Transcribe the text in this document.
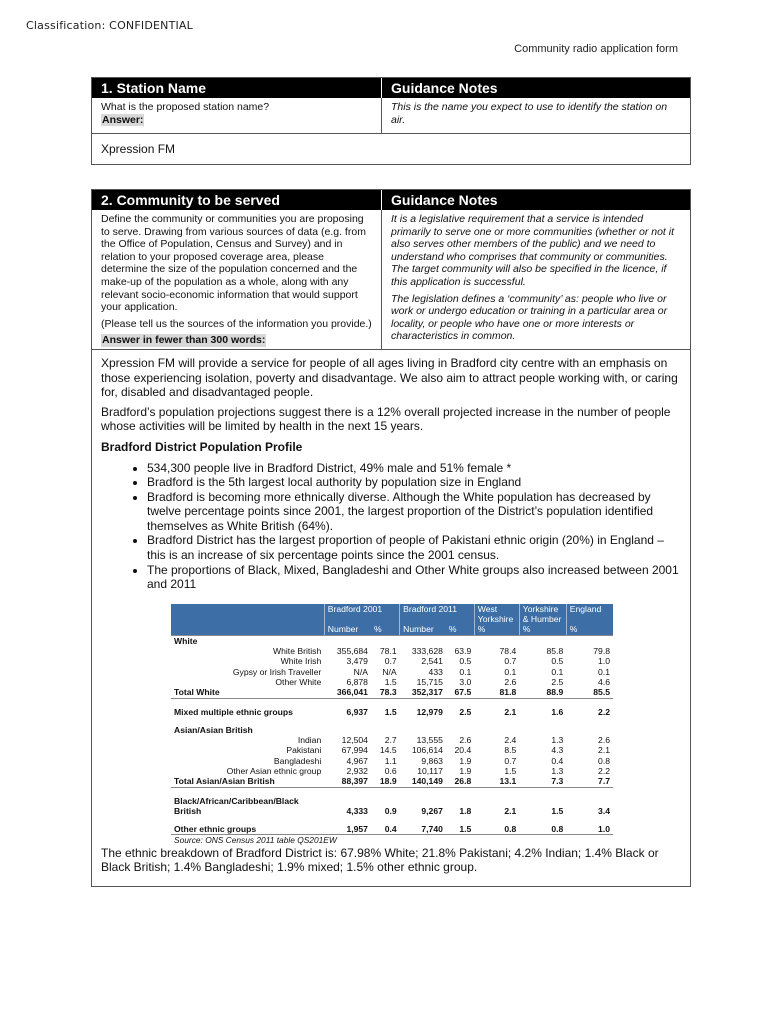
Classification: CONFIDENTIAL
Community radio application form
1. Station Name	Guidance Notes
What is the proposed station name?
Answer:
This is the name you expect to use to identify the station on air.
Xpression FM
2. Community to be served	Guidance Notes

Define the community or communities you are proposing to serve. Drawing from various sources of data (e.g. from the Office of Population, Census and Survey) and in relation to your proposed coverage area, please determine the size of the population concerned and the make-up of the population as a whole, along with any relevant socio-economic information that would support your application.

(Please tell us the sources of the information you provide.)

Answer in fewer than 300 words:

It is a legislative requirement that a service is intended primarily to serve one or more communities (whether or not it also serves other members of the public) and we need to understand who comprises that community or communities. The target community will also be specified in the licence, if this application is successful.

The legislation defines a ‘community’ as: people who live or work or undergo education or training in a particular area or locality, or people who have one or more interests or characteristics in common.

Xpression FM will provide a service for people of all ages living in Bradford city centre with an emphasis on those experiencing isolation, poverty and disadvantage. We also aim to attract people working with, or caring for, disabled and disadvantaged people.

Bradford’s population projections suggest there is a 12% overall projected increase in the number of people whose activities will be limited by health in the next 15 years.

Bradford District Population Profile
• 534,300 people live in Bradford District, 49% male and 51% female *
• Bradford is the 5th largest local authority by population size in England
• Bradford is becoming more ethnically diverse. Although the White population has decreased by twelve percentage points since 2001, the largest proportion of the District’s population identified themselves as White British (64%).
• Bradford District has the largest proportion of people of Pakistani ethnic origin (20%) in England – this is an increase of six percentage points since the 2001 census.
• The proportions of Black, Mixed, Bangladeshi and Other White groups also increased between 2001 and 2011
	Bradford 2001		Bradford 2011		West Yorkshire	Yorkshire & Humber	England
	Number	%	Number	%	%	%	%
White							
White British	355,684	78.1	333,628	63.9	78.4	85.8	79.8
White Irish	3,479	0.7	2,541	0.5	0.7	0.5	1.0
Gypsy or Irish Traveller	N/A	N/A	433	0.1	0.1	0.1	0.1
Other White	6,878	1.5	15,715	3.0	2.6	2.5	4.6
Total White	366,041	78.3	352,317	67.5	81.8	88.9	85.5

Mixed multiple ethnic groups	6,937	1.5	12,979	2.5	2.1	1.6	2.2

Asian/Asian British							
Indian	12,504	2.7	13,555	2.6	2.4	1.3	2.6
Pakistani	67,994	14.5	106,614	20.4	8.5	4.3	2.1
Bangladeshi	4,967	1.1	9,863	1.9	0.7	0.4	0.8
Other Asian ethnic group	2,932	0.6	10,117	1.9	1.5	1.3	2.2
Total Asian/Asian British	88,397	18.9	140,149	26.8	13.1	7.3	7.7

Black/African/Caribbean/Black							
British	4,333	0.9	9,267	1.8	2.1	1.5	3.4

Other ethnic groups	1,957	0.4	7,740	1.5	0.8	0.8	1.0
Source: ONS Census 2011 table QS201EW							

The ethnic breakdown of Bradford District is: 67.98% White; 21.8% Pakistani; 4.2% Indian; 1.4% Black or Black British; 1.4% Bangladeshi; 1.9% mixed; 1.5% other ethnic group.
